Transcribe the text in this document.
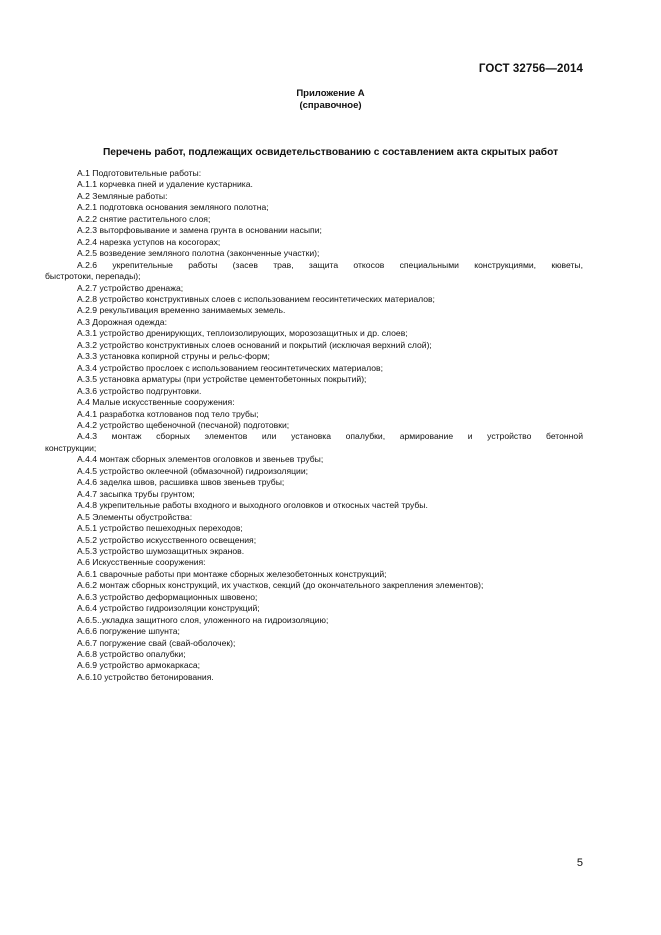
ГОСТ 32756—2014
Приложение А
(справочное)
Перечень работ, подлежащих освидетельствованию с составлением акта скрытых работ
А.1 Подготовительные работы:
А.1.1 корчевка пней и удаление кустарника.
А.2 Земляные работы:
А.2.1 подготовка основания земляного полотна;
А.2.2 снятие растительного слоя;
А.2.3 выторфовывание и замена грунта в основании насыпи;
А.2.4 нарезка уступов на косогорах;
А.2.5 возведение земляного полотна (законченные участки);
А.2.6 укрепительные работы (засев трав, защита откосов специальными конструкциями, кюветы,
быстротоки, перепады);
А.2.7 устройство дренажа;
А.2.8 устройство конструктивных слоев с использованием геосинтетических материалов;
А.2.9 рекультивация временно занимаемых земель.
А.3 Дорожная одежда:
А.3.1 устройство дренирующих, теплоизолирующих, морозозащитных и др. слоев;
А.3.2 устройство конструктивных слоев оснований и покрытий (исключая верхний слой);
А.3.3 установка копирной струны и рельс-форм;
А.3.4 устройство прослоек с использованием геосинтетических материалов;
А.3.5 установка арматуры (при устройстве цементобетонных покрытий);
А.3.6 устройство подгрунтовки.
А.4 Малые искусственные сооружения:
А.4.1 разработка котлованов под тело трубы;
А.4.2 устройство щебеночной (песчаной) подготовки;
А.4.3 монтаж сборных элементов или установка опалубки, армирование и устройство бетонной
конструкции;
А.4.4 монтаж сборных элементов оголовков и звеньев трубы;
А.4.5 устройство оклеечной (обмазочной) гидроизоляции;
А.4.6 заделка швов, расшивка швов звеньев трубы;
А.4.7 засыпка трубы грунтом;
А.4.8 укрепительные работы входного и выходного оголовков и откосных частей трубы.
А.5 Элементы обустройства:
А.5.1 устройство пешеходных переходов;
А.5.2 устройство искусственного освещения;
А.5.3 устройство шумозащитных экранов.
А.6 Искусственные сооружения:
А.6.1 сварочные работы при монтаже сборных железобетонных конструкций;
А.6.2 монтаж сборных конструкций, их участков, секций (до окончательного закрепления элементов);
А.6.3 устройство деформационных швовено;
А.6.4 устройство гидроизоляции конструкций;
А.6.5..укладка защитного слоя, уложенного на гидроизоляцию;
А.6.6 погружение шпунта;
А.6.7 погружение свай (свай-оболочек);
А.6.8 устройство опалубки;
А.6.9 устройство армокаркаса;
А.6.10 устройство бетонирования.
5
